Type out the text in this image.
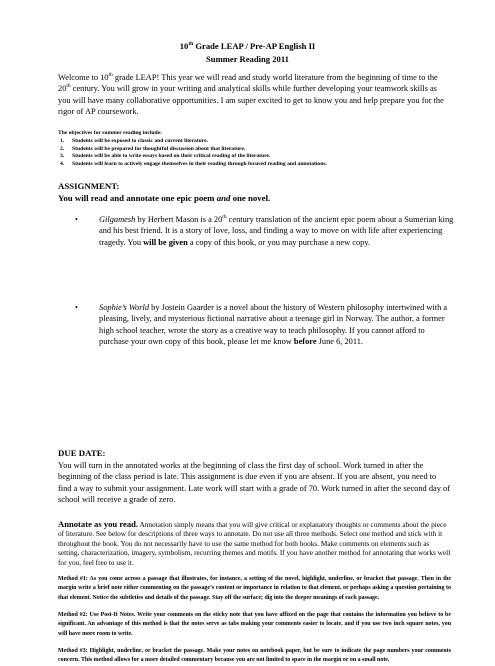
10th Grade LEAP / Pre-AP English II
Summer Reading 2011
Welcome to 10th grade LEAP! This year we will read and study world literature from the beginning of time to the 20th century. You will grow in your writing and analytical skills while further developing your teamwork skills as you will have many collaborative opportunities. I am super excited to get to know you and help prepare you for the rigor of AP coursework.
The objectives for summer reading include:
1. Students will be exposed to classic and current literature.
2. Students will be prepared for thoughtful discussion about that literature.
3. Students will be able to write essays based on their critical reading of the literature.
4. Students will learn to actively engage themselves in their reading through focused reading and annotations.
ASSIGNMENT:
You will read and annotate one epic poem and one novel.
•	Gilgamesh by Herbert Mason is a 20th century translation of the ancient epic poem about a Sumerian king and his best friend. It is a story of love, loss, and finding a way to move on with life after experiencing tragedy. You will be given a copy of this book, or you may purchase a new copy.
•	Sophie’s World by Jostein Gaarder is a novel about the history of Western philosophy intertwined with a pleasing, lively, and mysterious fictional narrative about a teenage girl in Norway. The author, a former high school teacher, wrote the story as a creative way to teach philosophy. If you cannot afford to purchase your own copy of this book, please let me know before June 6, 2011.
DUE DATE:
You will turn in the annotated works at the beginning of class the first day of school. Work turned in after the beginning of the class period is late. This assignment is due even if you are absent. If you are absent, you need to find a way to submit your assignment. Late work will start with a grade of 70. Work turned in after the second day of school will receive a grade of zero.
Annotate as you read. Annotation simply means that you will give critical or explanatory thoughts or comments about the piece of literature. See below for descriptions of three ways to annotate. Do not use all three methods. Select one method and stick with it throughout the book. You do not necessarily have to use the same method for both books. Make comments on elements such as setting, characterization, imagery, symbolism, recurring themes and motifs. If you have another method for annotating that works well for you, feel free to use it.
Method #1: As you come across a passage that illustrates, for instance, a setting of the novel, highlight, underline, or bracket that passage. Then in the margin write a brief note either commenting on the passage’s content or importance in relation to that element, or perhaps asking a question pertaining to that element. Notice the subtleties and details of the passage. Stay off the surface; dig into the deeper meanings of each passage.
Method #2: Use Post-It Notes. Write your comments on the sticky note that you have affixed on the page that contains the information you believe to be significant. An advantage of this method is that the notes serve as tabs making your comments easier to locate, and if you use two inch square notes, you will have more room to write.
Method #3: Highlight, underline, or bracket the passage. Make your notes on notebook paper, but be sure to indicate the page numbers your comments concern. This method allows for a more detailed commentary because you are not limited to space in the margin or on a small note.
